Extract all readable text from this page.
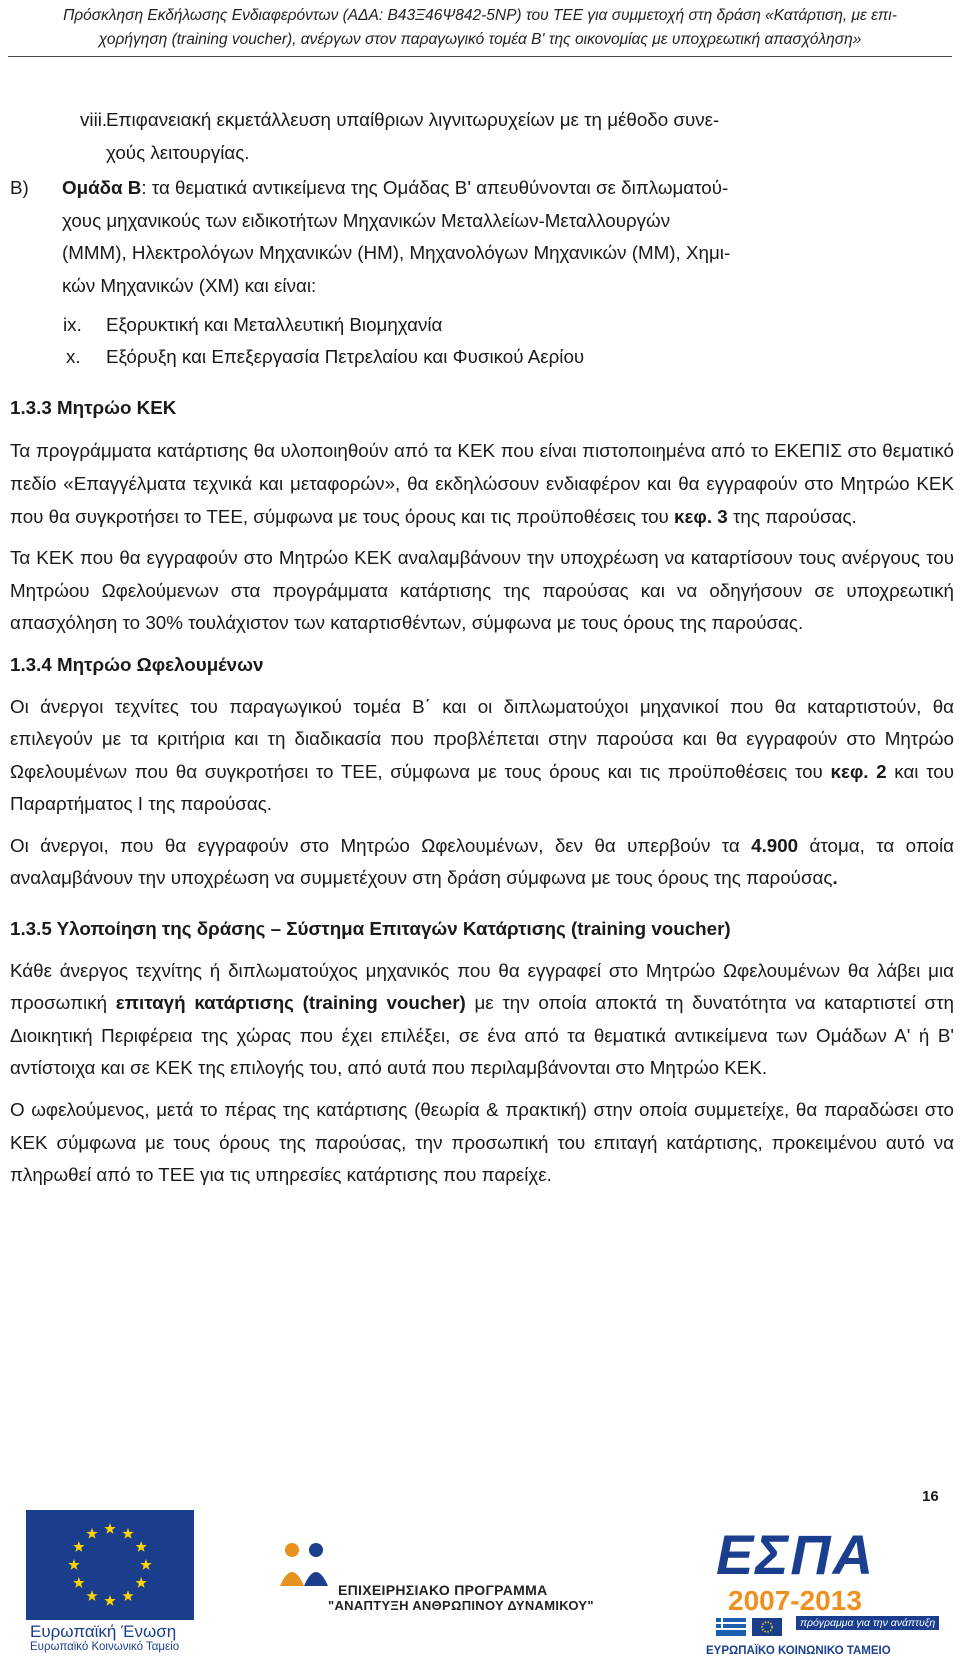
Πρόσκληση Εκδήλωσης Ενδιαφερόντων (ΑΔΑ: Β43Ξ46Ψ842-5ΝΡ) του ΤΕΕ για συμμετοχή στη δράση «Κατάρτιση, με επι-
χορήγηση (training voucher), ανέργων στον παραγωγικό τομέα Β' της οικονομίας με υποχρεωτική απασχόληση»
viii.
Επιφανειακή εκμετάλλευση υπαίθριων λιγνιτωρυχείων με τη μέθοδο συνε-
χούς λειτουργίας.
Β) Ομάδα Β: τα θεματικά αντικείμενα της Ομάδας Β' απευθύνονται σε διπλωματού-
χους μηχανικούς των ειδικοτήτων Μηχανικών Μεταλλείων-Μεταλλουργών
(ΜΜΜ), Ηλεκτρολόγων Μηχανικών (ΗΜ), Μηχανολόγων Μηχανικών (ΜΜ), Χημι-
κών Μηχανικών (ΧΜ) και είναι:
ix. Εξορυκτική και Μεταλλευτική Βιομηχανία
x. Εξόρυξη και Επεξεργασία Πετρελαίου και Φυσικού Αερίου

1.3.3 Μητρώο ΚΕΚ

Τα προγράμματα κατάρτισης θα υλοποιηθούν από τα ΚΕΚ που είναι πιστοποιημένα από το ΕΚΕΠΙΣ στο θεματικό πεδίο «Επαγγέλματα τεχνικά και μεταφορών», θα εκδηλώσουν ενδιαφέρον και θα εγγραφούν στο Μητρώο ΚΕΚ που θα συγκροτήσει το ΤΕΕ, σύμφωνα με τους όρους και τις προϋποθέσεις του κεφ. 3 της παρούσας.

Τα ΚΕΚ που θα εγγραφούν στο Μητρώο ΚΕΚ αναλαμβάνουν την υποχρέωση να καταρτίσουν τους ανέργους του Μητρώου Ωφελούμενων στα προγράμματα κατάρτισης της παρούσας και να οδηγήσουν σε υποχρεωτική απασχόληση το 30% τουλάχιστον των καταρτισθέντων, σύμφωνα με τους όρους της παρούσας.

1.3.4 Μητρώο Ωφελουμένων

Οι άνεργοι τεχνίτες του παραγωγικού τομέα Β΄ και οι διπλωματούχοι μηχανικοί που θα καταρτιστούν, θα επιλεγούν με τα κριτήρια και τη διαδικασία που προβλέπεται στην παρούσα και θα εγγραφούν στο Μητρώο Ωφελουμένων που θα συγκροτήσει το ΤΕΕ, σύμφωνα με τους όρους και τις προϋποθέσεις του κεφ. 2 και του Παραρτήματος Ι της παρούσας.

Οι άνεργοι, που θα εγγραφούν στο Μητρώο Ωφελουμένων, δεν θα υπερβούν τα 4.900 άτομα, τα οποία αναλαμβάνουν την υποχρέωση να συμμετέχουν στη δράση σύμφωνα με τους όρους της παρούσας.

1.3.5 Υλοποίηση της δράσης – Σύστημα Επιταγών Κατάρτισης (training voucher)

Κάθε άνεργος τεχνίτης ή διπλωματούχος μηχανικός που θα εγγραφεί στο Μητρώο Ωφελουμένων θα λάβει μια προσωπική επιταγή κατάρτισης (training voucher) με την οποία αποκτά τη δυνατότητα να καταρτιστεί στη Διοικητική Περιφέρεια της χώρας που έχει επιλέξει, σε ένα από τα θεματικά αντικείμενα των Ομάδων Α' ή Β' αντίστοιχα και σε ΚΕΚ της επιλογής του, από αυτά που περιλαμβάνονται στο Μητρώο ΚΕΚ.

Ο ωφελούμενος, μετά το πέρας της κατάρτισης (θεωρία & πρακτική) στην οποία συμμετείχε, θα παραδώσει στο ΚΕΚ σύμφωνα με τους όρους της παρούσας, την προσωπική του επιταγή κατάρτισης, προκειμένου αυτό να πληρωθεί από το ΤΕΕ για τις υπηρεσίες κατάρτισης που παρείχε.

16
Ευρωπαϊκή Ένωση
Ευρωπαϊκό Κοινωνικό Ταμείο
ΕΠΙΧΕΙΡΗΣΙΑΚΟ ΠΡΟΓΡΑΜΜΑ
"ΑΝΑΠΤΥΞΗ ΑΝΘΡΩΠΙΝΟΥ ΔΥΝΑΜΙΚΟΥ"
ΕΣΠΑ
2007-2013
πρόγραμμα για την ανάπτυξη
ΕΥΡΩΠΑΪΚΟ ΚΟΙΝΩΝΙΚΟ ΤΑΜΕΙΟ
